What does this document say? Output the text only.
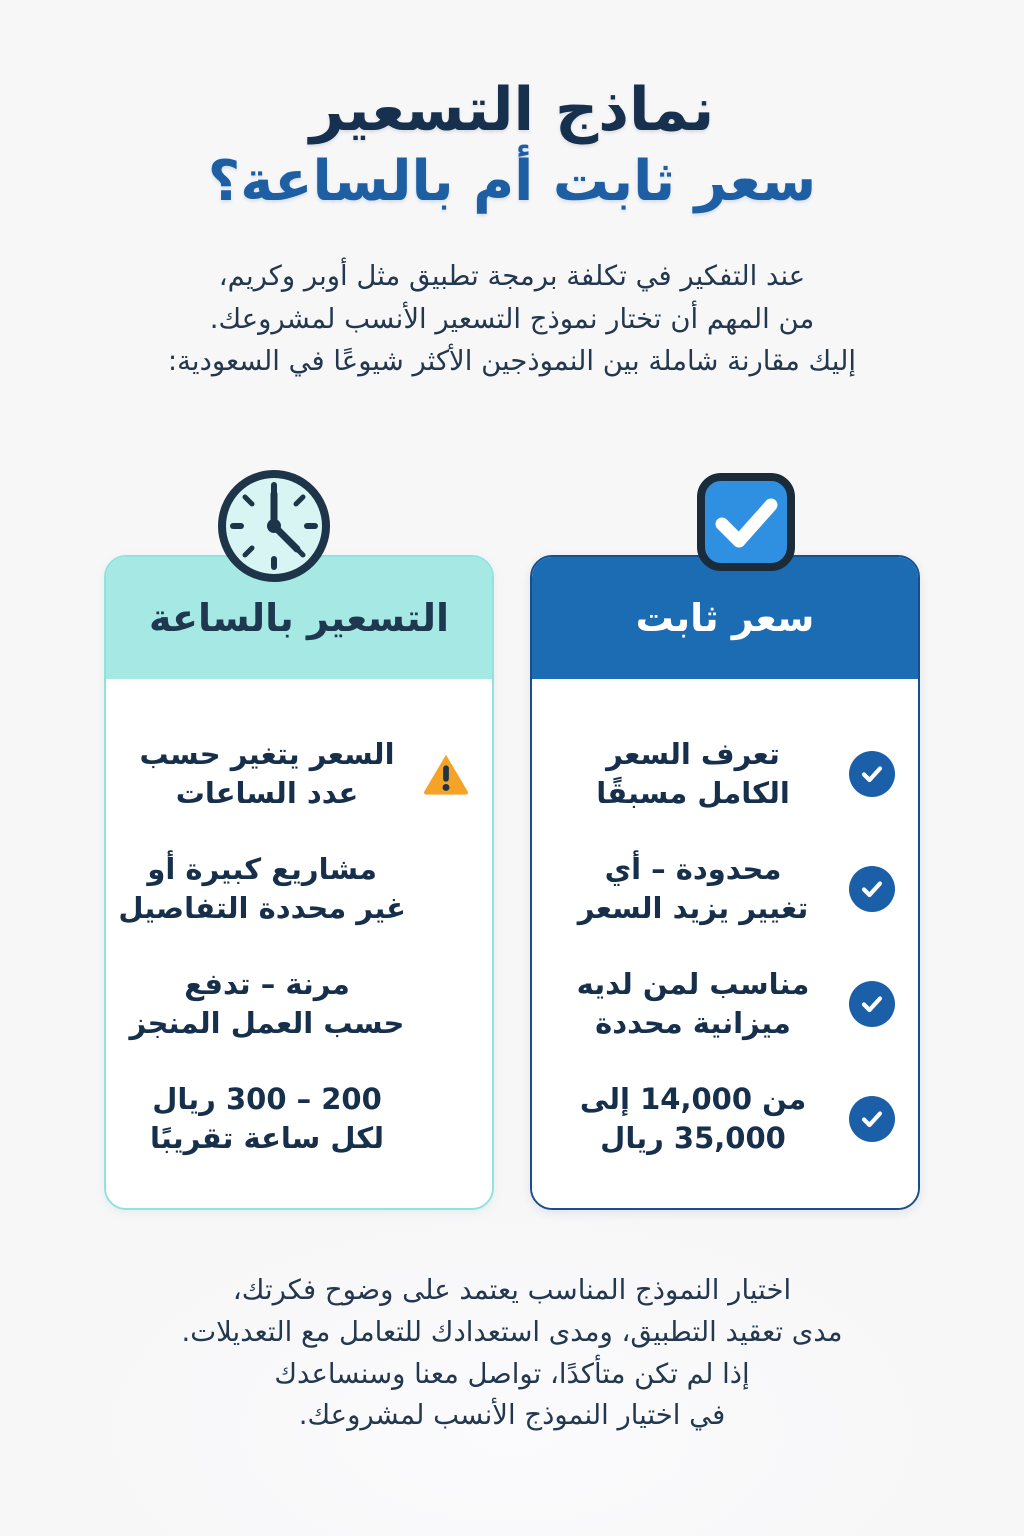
نماذج التسعير
سعر ثابت أم بالساعة؟
عند التفكير في تكلفة برمجة تطبيق مثل أوبر وكريم،
من المهم أن تختار نموذج التسعير الأنسب لمشروعك.
إليك مقارنة شاملة بين النموذجين الأكثر شيوعًا في السعودية:
سعر ثابت
تعرف السعر
الكامل مسبقًا
محدودة – أي
تغيير يزيد السعر
مناسب لمن لديه
ميزانية محددة
من 14,000 إلى
35,000 ريال
التسعير بالساعة
السعر يتغير حسب
عدد الساعات
مشاريع كبيرة أو
غير محددة التفاصيل
مرنة – تدفع
حسب العمل المنجز
200 – 300 ريال
لكل ساعة تقريبًا
اختيار النموذج المناسب يعتمد على وضوح فكرتك،
مدى تعقيد التطبيق، ومدى استعدادك للتعامل مع التعديلات.
إذا لم تكن متأكدًا، تواصل معنا وسنساعدك
في اختيار النموذج الأنسب لمشروعك.
